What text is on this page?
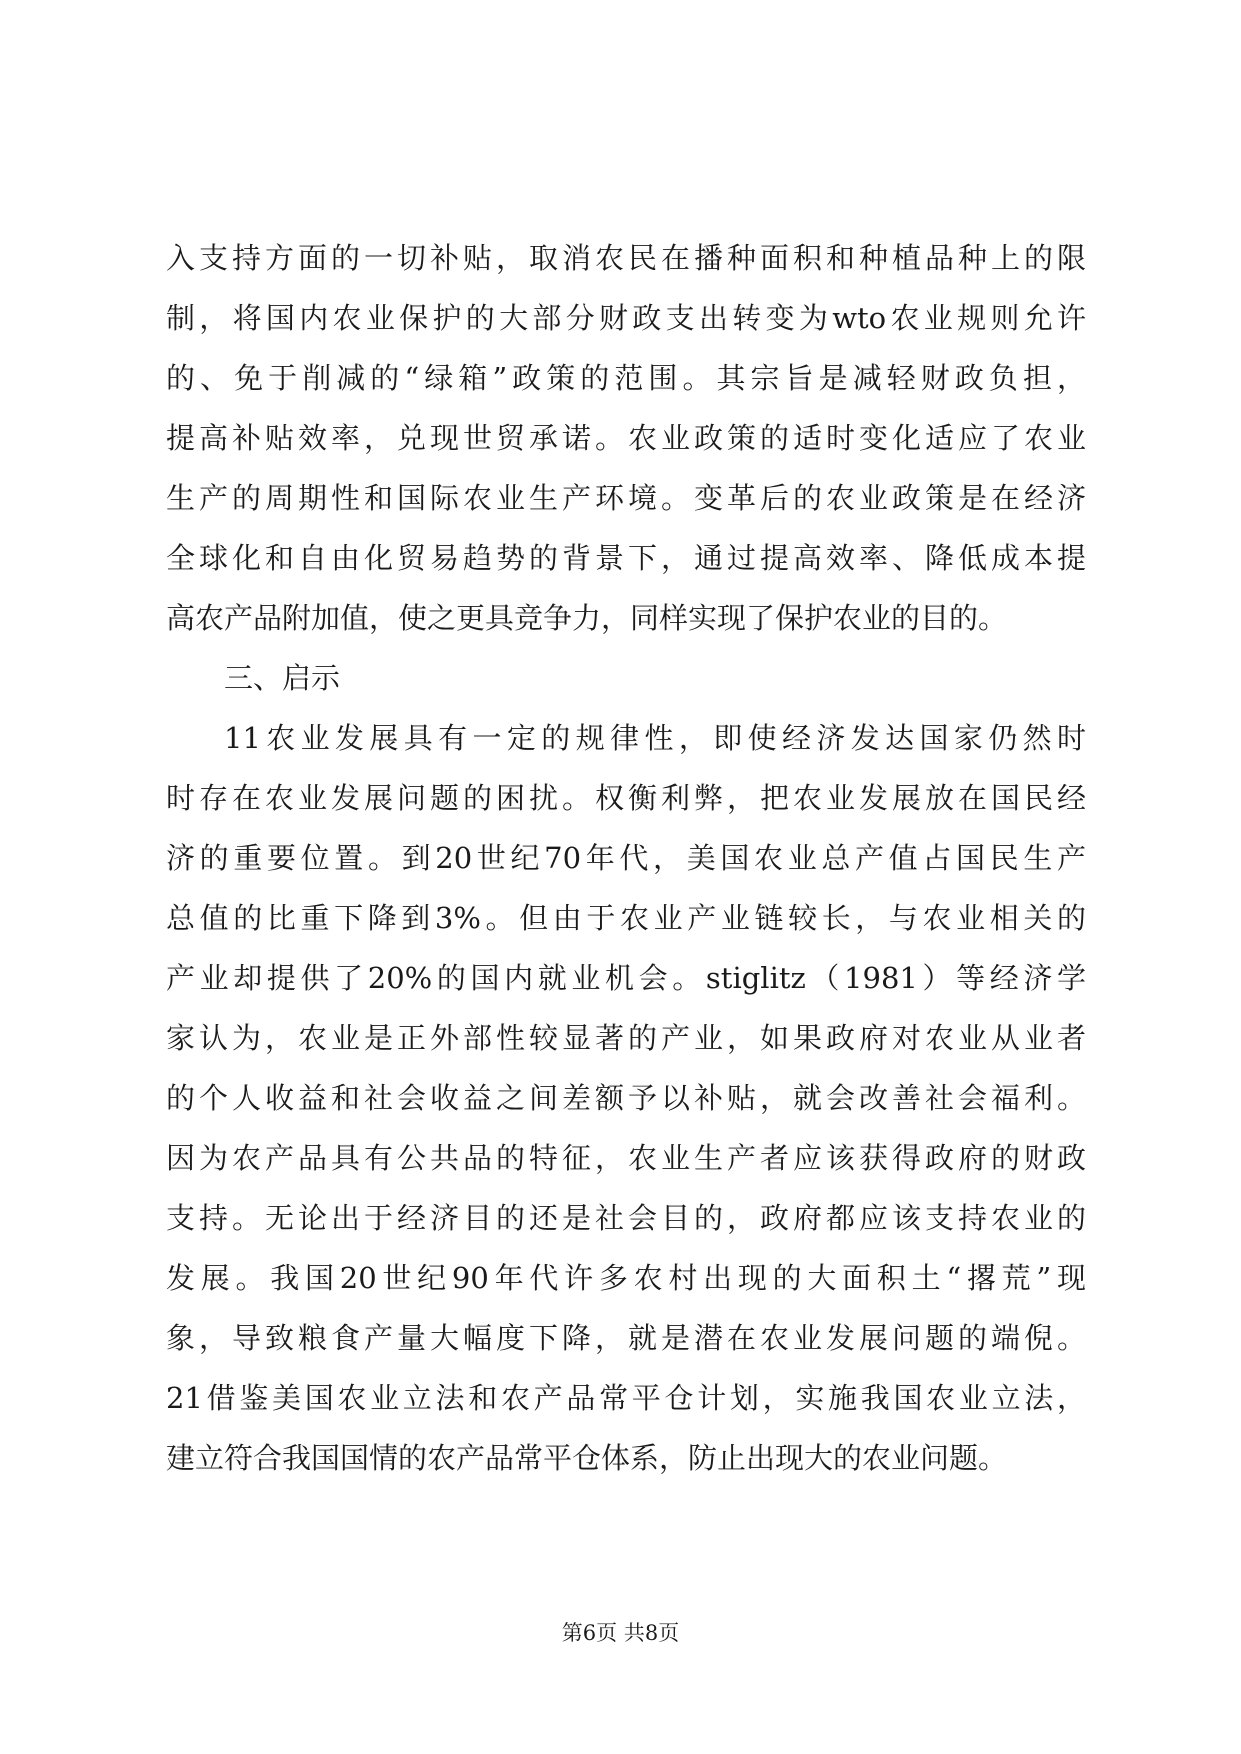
入支持方面的一切补贴，取消农民在播种面积和种植品种上的限
制，将国内农业保护的大部分财政支出转变为wto农业规则允许
的、免于削减的“绿箱”政策的范围。其宗旨是减轻财政负担，
提高补贴效率，兑现世贸承诺。农业政策的适时变化适应了农业
生产的周期性和国际农业生产环境。变革后的农业政策是在经济
全球化和自由化贸易趋势的背景下，通过提高效率、降低成本提
高农产品附加值，使之更具竞争力，同样实现了保护农业的目的。
三、启示
11农业发展具有一定的规律性，即使经济发达国家仍然时
时存在农业发展问题的困扰。权衡利弊，把农业发展放在国民经
济的重要位置。到20世纪70年代，美国农业总产值占国民生产
总值的比重下降到3%。但由于农业产业链较长，与农业相关的
产业却提供了20%的国内就业机会。stiglitz（1981）等经济学
家认为，农业是正外部性较显著的产业，如果政府对农业从业者
的个人收益和社会收益之间差额予以补贴，就会改善社会福利。
因为农产品具有公共品的特征，农业生产者应该获得政府的财政
支持。无论出于经济目的还是社会目的，政府都应该支持农业的
发展。我国20世纪90年代许多农村出现的大面积土“撂荒”现
象，导致粮食产量大幅度下降，就是潜在农业发展问题的端倪。
21借鉴美国农业立法和农产品常平仓计划，实施我国农业立法，
建立符合我国国情的农产品常平仓体系，防止出现大的农业问题。
第6页 共8页
